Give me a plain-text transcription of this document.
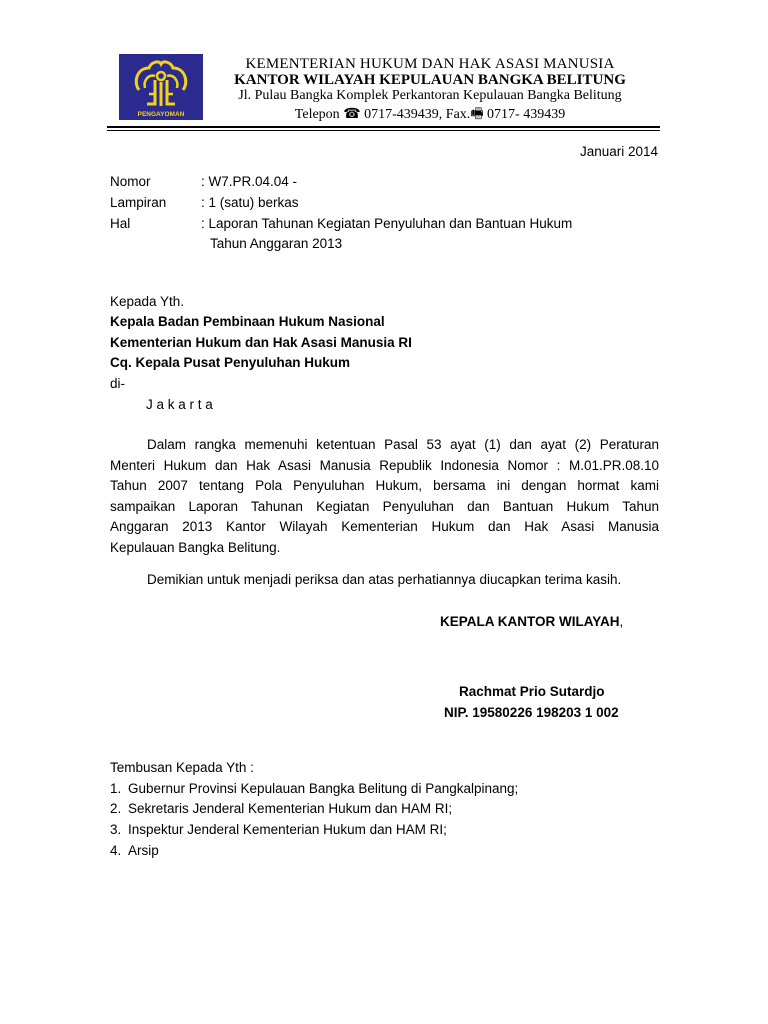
PENGAYOMAN
KEMENTERIAN HUKUM DAN HAK ASASI MANUSIA
KANTOR WILAYAH KEPULAUAN BANGKA BELITUNG
Jl. Pulau Bangka Komplek Perkantoran Kepulauan Bangka Belitung
Telepon ☎ 0717-439439, Fax.🖷 0717- 439439
Januari 2014
Nomor	: W7.PR.04.04 -
Lampiran	: 1 (satu) berkas
Hal	: Laporan Tahunan Kegiatan Penyuluhan dan Bantuan Hukum
Tahun Anggaran 2013
Kepada Yth.
Kepala Badan Pembinaan Hukum Nasional
Kementerian Hukum dan Hak Asasi Manusia RI
Cq. Kepala Pusat Penyuluhan Hukum
di-
J a k a r t a
Dalam rangka memenuhi ketentuan Pasal 53 ayat (1) dan ayat (2) Peraturan
Menteri Hukum dan Hak Asasi Manusia Republik Indonesia Nomor : M.01.PR.08.10
Tahun 2007 tentang Pola Penyuluhan Hukum, bersama ini dengan hormat kami
sampaikan Laporan Tahunan Kegiatan Penyuluhan dan Bantuan Hukum Tahun
Anggaran 2013 Kantor Wilayah Kementerian Hukum dan Hak Asasi Manusia
Kepulauan Bangka Belitung.
Demikian untuk menjadi periksa dan atas perhatiannya diucapkan terima kasih.
KEPALA KANTOR WILAYAH,
Rachmat Prio Sutardjo
NIP. 19580226 198203 1 002
Tembusan Kepada Yth :
1. Gubernur Provinsi Kepulauan Bangka Belitung di Pangkalpinang;
2. Sekretaris Jenderal Kementerian Hukum dan HAM RI;
3. Inspektur Jenderal Kementerian Hukum dan HAM RI;
4. Arsip
